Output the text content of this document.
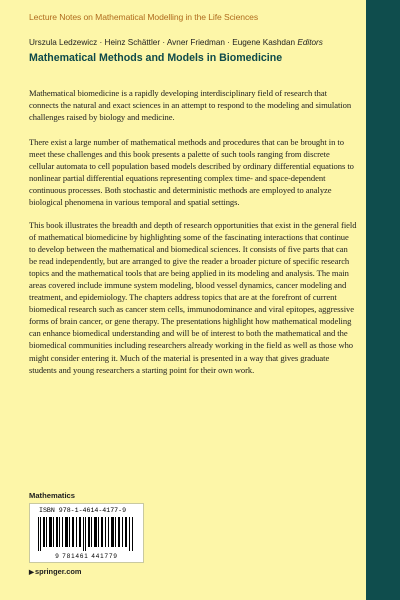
Lecture Notes on Mathematical Modelling in the Life Sciences
Urszula Ledzewicz · Heinz Schättler · Avner Friedman · Eugene Kashdan Editors
Mathematical Methods and Models in Biomedicine

Mathematical biomedicine is a rapidly developing interdisciplinary field of research that connects the natural and exact sciences in an attempt to respond to the modeling and simulation challenges raised by biology and medicine.

There exist a large number of mathematical methods and procedures that can be brought in to meet these challenges and this book presents a palette of such tools ranging from discrete cellular automata to cell population based models described by ordinary differential equations to nonlinear partial differential equations representing complex time- and space-dependent continuous processes. Both stochastic and deterministic methods are employed to analyze biological phenomena in various temporal and spatial settings.

This book illustrates the breadth and depth of research opportunities that exist in the general field of mathematical biomedicine by highlighting some of the fascinating interactions that continue to develop between the mathematical and biomedical sciences. It consists of five parts that can be read independently, but are arranged to give the reader a broader picture of specific research topics and the mathematical tools that are being applied in its modeling and analysis. The main areas covered include immune system modeling, blood vessel dynamics, cancer modeling and treatment, and epidemiology. The chapters address topics that are at the forefront of current biomedical research such as cancer stem cells, immunodominance and viral epitopes, aggressive forms of brain cancer, or gene therapy. The presentations highlight how mathematical modeling can enhance biomedical understanding and will be of interest to both the mathematical and the biomedical communities including researchers already working in the field as well as those who might consider entering it. Much of the material is presented in a way that gives graduate students and young researchers a starting point for their own work.

Mathematics
ISBN 978-1-4614-4177-9
9 781461 441779
▶springer.com
